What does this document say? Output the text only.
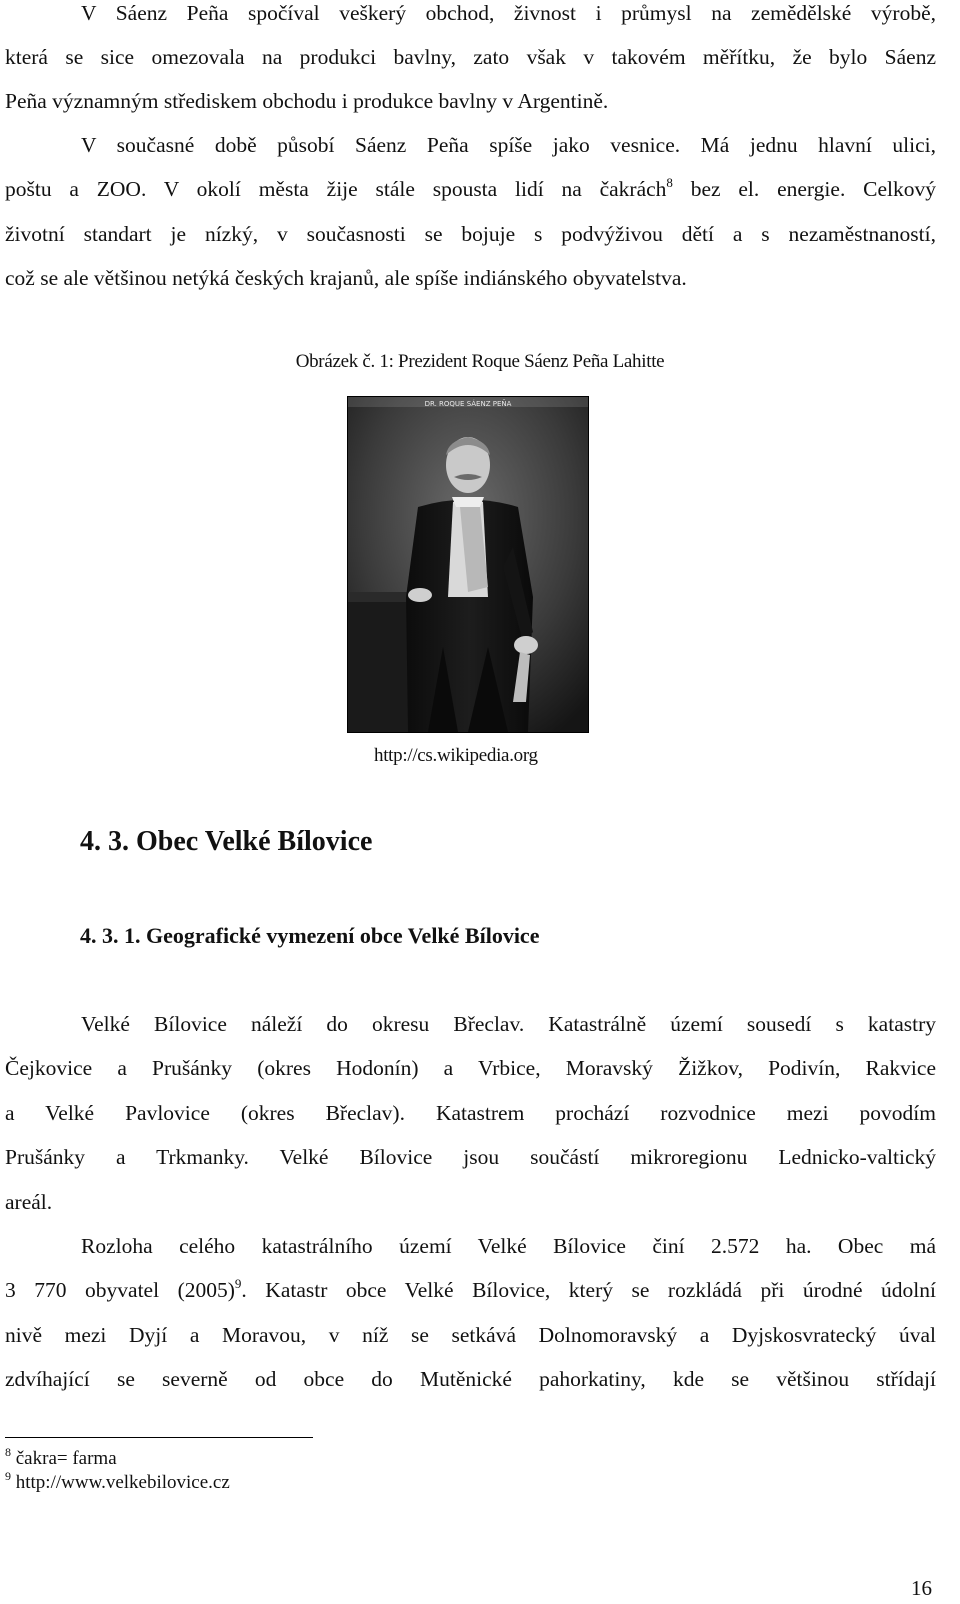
V Sáenz Peña spočíval veškerý obchod, živnost i průmysl na zemědělské výrobě,
která se sice omezovala na produkci bavlny, zato však v takovém měřítku, že bylo Sáenz
Peña významným střediskem obchodu i produkce bavlny v Argentině.
V současné době působí Sáenz Peña spíše jako vesnice. Má jednu hlavní ulici,
poštu a ZOO. V okolí města žije stále spousta lidí na čakrách$^8$ bez el. energie. Celkový
životní standart je nízký, v současnosti se bojuje s podvýživou dětí a s nezaměstnaností,
což se ale většinou netýká českých krajanů, ale spíše indiánského obyvatelstva.
Obrázek č. 1: Prezident Roque Sáenz Peña Lahitte
DR. ROQUE SÁENZ PEÑA
http://cs.wikipedia.org
4. 3. Obec Velké Bílovice
4. 3. 1. Geografické vymezení obce Velké Bílovice
Velké Bílovice náleží do okresu Břeclav. Katastrálně území sousedí s katastry
Čejkovice a Prušánky (okres Hodonín) a Vrbice, Moravský Žižkov, Podivín, Rakvice
a Velké Pavlovice (okres Břeclav). Katastrem prochází rozvodnice mezi povodím
Prušánky a Trkmanky. Velké Bílovice jsou součástí mikroregionu Lednicko-valtický
areál.
Rozloha celého katastrálního území Velké Bílovice činí 2.572 ha. Obec má
3 770 obyvatel $(2005)^9$. Katastr obce Velké Bílovice, který se rozkládá při úrodné údolní
nivě mezi Dyjí a Moravou, v níž se setkává Dolnomoravský a Dyjskosvratecký úval
zdvíhající se severně od obce do Mutěnické pahorkatiny, kde se většinou střídají
$^8$ čakra= farma
$^9$ http://www.velkebilovice.cz
16
